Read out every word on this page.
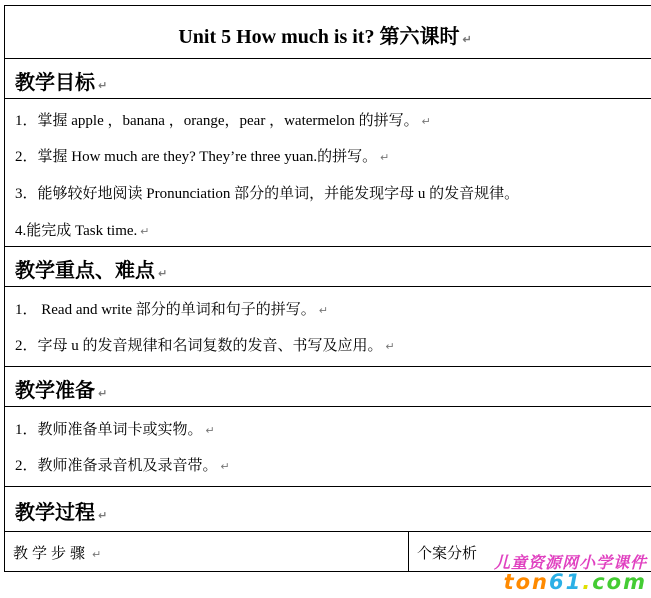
Unit 5 How much is it? 第六课时 ↵
教学目标 ↵
1．掌握 apple ，banana ，orange，pear ，watermelon 的拼写。 ↵
2．掌握 How much are they? They’re three yuan.的拼写。 ↵
3．能够较好地阅读 Pronunciation 部分的单词，并能发现字母 u 的发音规律。
4.能完成 Task time. ↵
教学重点、难点 ↵
1． Read and write 部分的单词和句子的拼写。 ↵
2．字母 u 的发音规律和名词复数的发音、书写及应用。 ↵
教学准备 ↵
1．教师准备单词卡或实物。 ↵
2．教师准备录音机及录音带。 ↵
教学过程 ↵
教学步骤 ↵	个案分析 儿童资源网小学课件
ton61.com
